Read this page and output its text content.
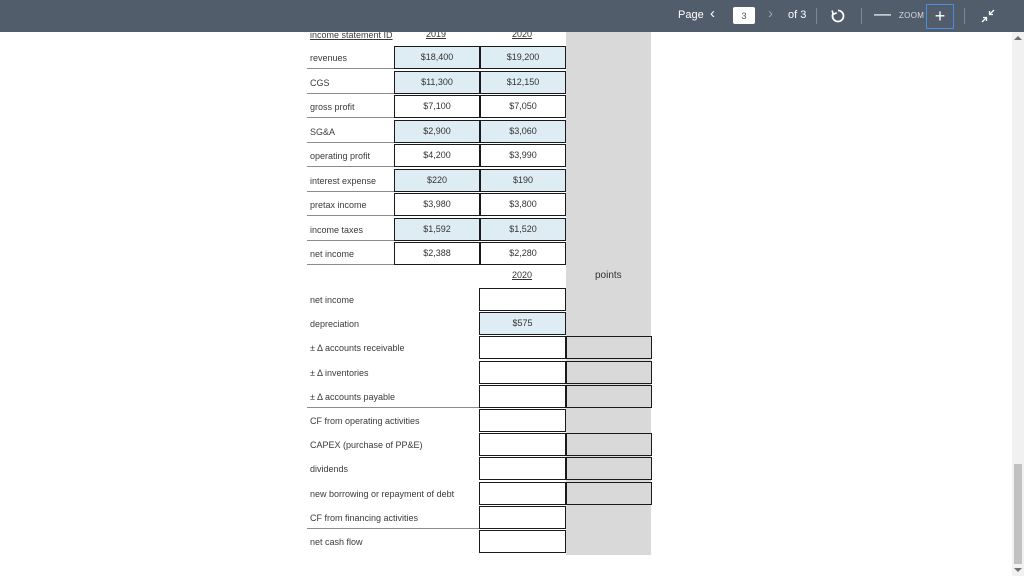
Page ‹
3	› of 3	— ZOOM +
income statement ID	2019	2020
revenues	$18,400	$19,200
CGS	$11,300	$12,150
gross profit	$7,100	$7,050
SG&A	$2,900	$3,060
operating profit	$4,200	$3,990
interest expense	$220	$190
pretax income	$3,980	$3,800
income taxes	$1,592	$1,520
net income	$2,388	$2,280
2020	points
net income
depreciation	$575
± Δ accounts receivable
± Δ inventories
± Δ accounts payable
CF from operating activities
CAPEX (purchase of PP&E)
dividends
new borrowing or repayment of debt
CF from financing activities
net cash flow
